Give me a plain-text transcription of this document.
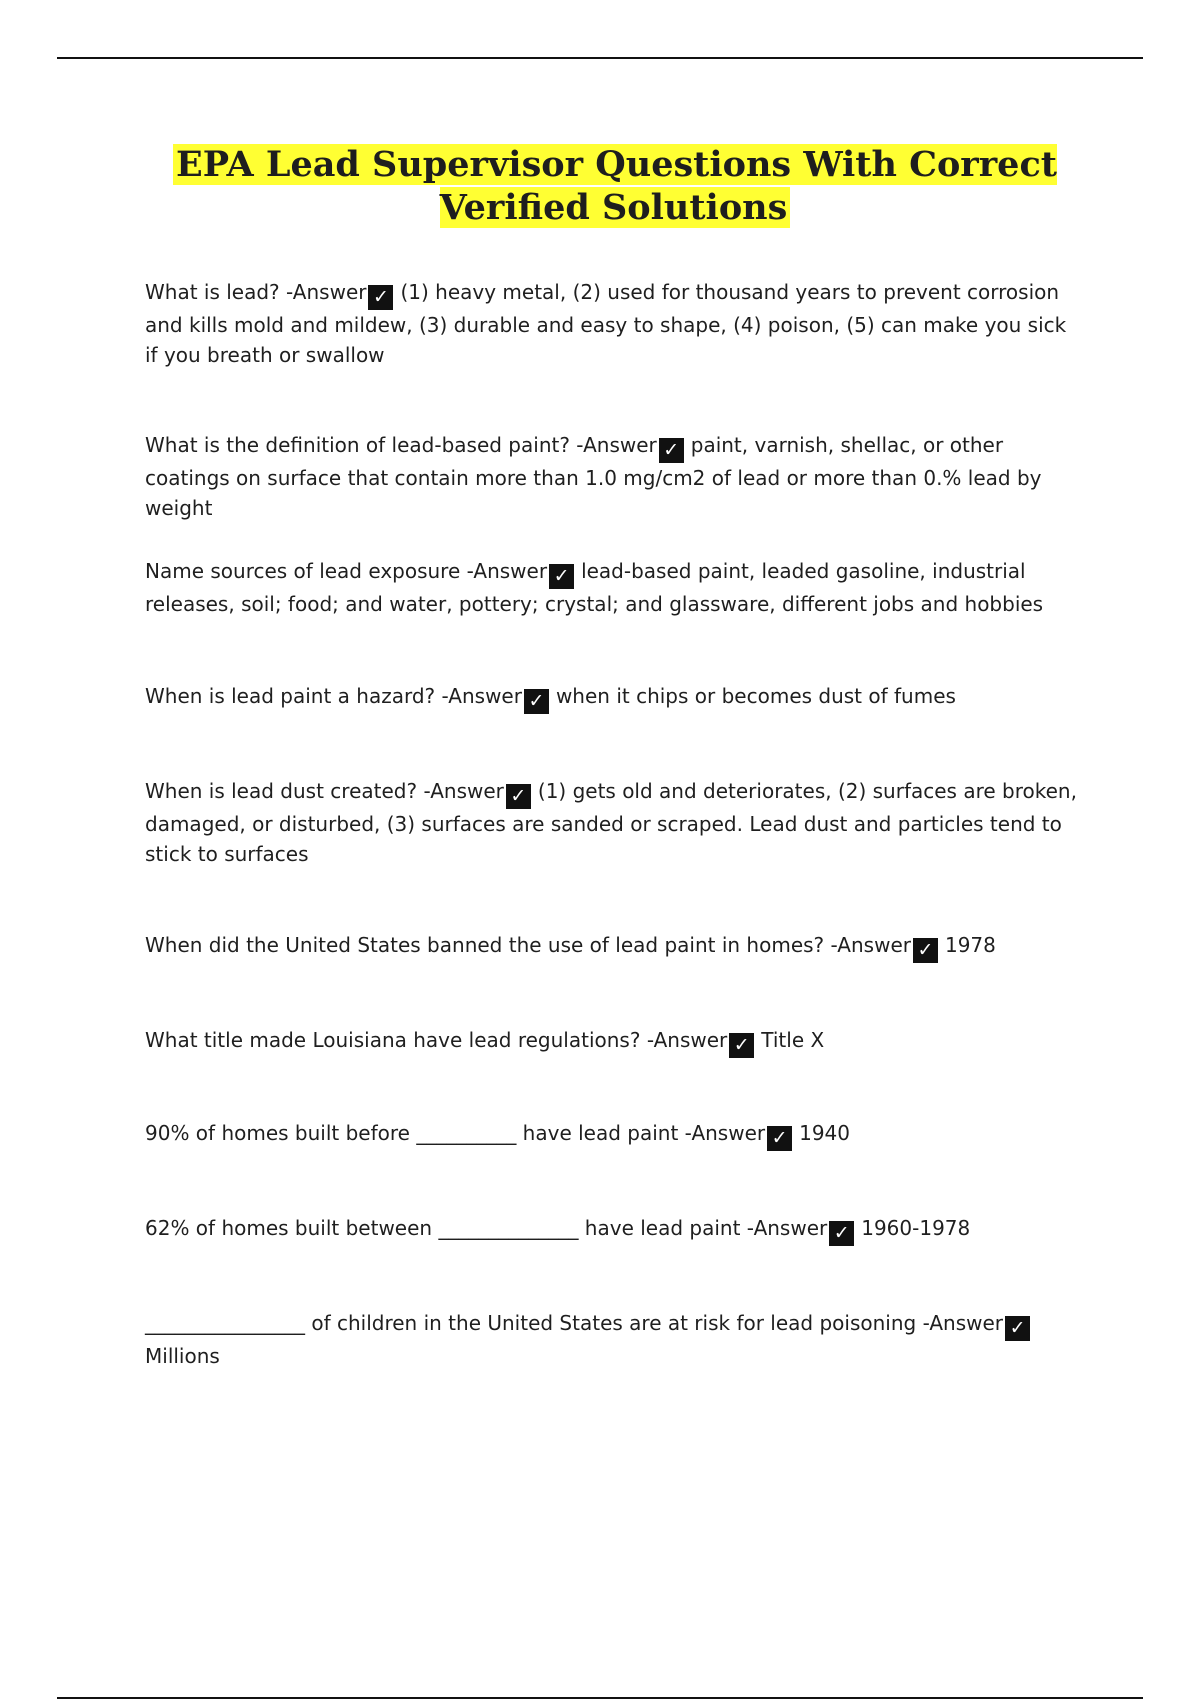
EPA Lead Supervisor Questions With Correct Verified Solutions

What is lead? -Answer ✓ (1) heavy metal, (2) used for thousand years to prevent corrosion and kills mold and mildew, (3) durable and easy to shape, (4) poison, (5) can make you sick if you breath or swallow

What is the definition of lead-based paint? -Answer ✓ paint, varnish, shellac, or other coatings on surface that contain more than 1.0 mg/cm2 of lead or more than 0.% lead by weight

Name sources of lead exposure -Answer ✓ lead-based paint, leaded gasoline, industrial releases, soil; food; and water, pottery; crystal; and glassware, different jobs and hobbies

When is lead paint a hazard? -Answer ✓ when it chips or becomes dust of fumes

When is lead dust created? -Answer ✓ (1) gets old and deteriorates, (2) surfaces are broken, damaged, or disturbed, (3) surfaces are sanded or scraped. Lead dust and particles tend to stick to surfaces

When did the United States banned the use of lead paint in homes? -Answer ✓ 1978

What title made Louisiana have lead regulations? -Answer ✓ Title X

90% of homes built before __________ have lead paint -Answer ✓ 1940

62% of homes built between ______________ have lead paint -Answer ✓ 1960-1978

________________ of children in the United States are at risk for lead poisoning -Answer ✓Millions
